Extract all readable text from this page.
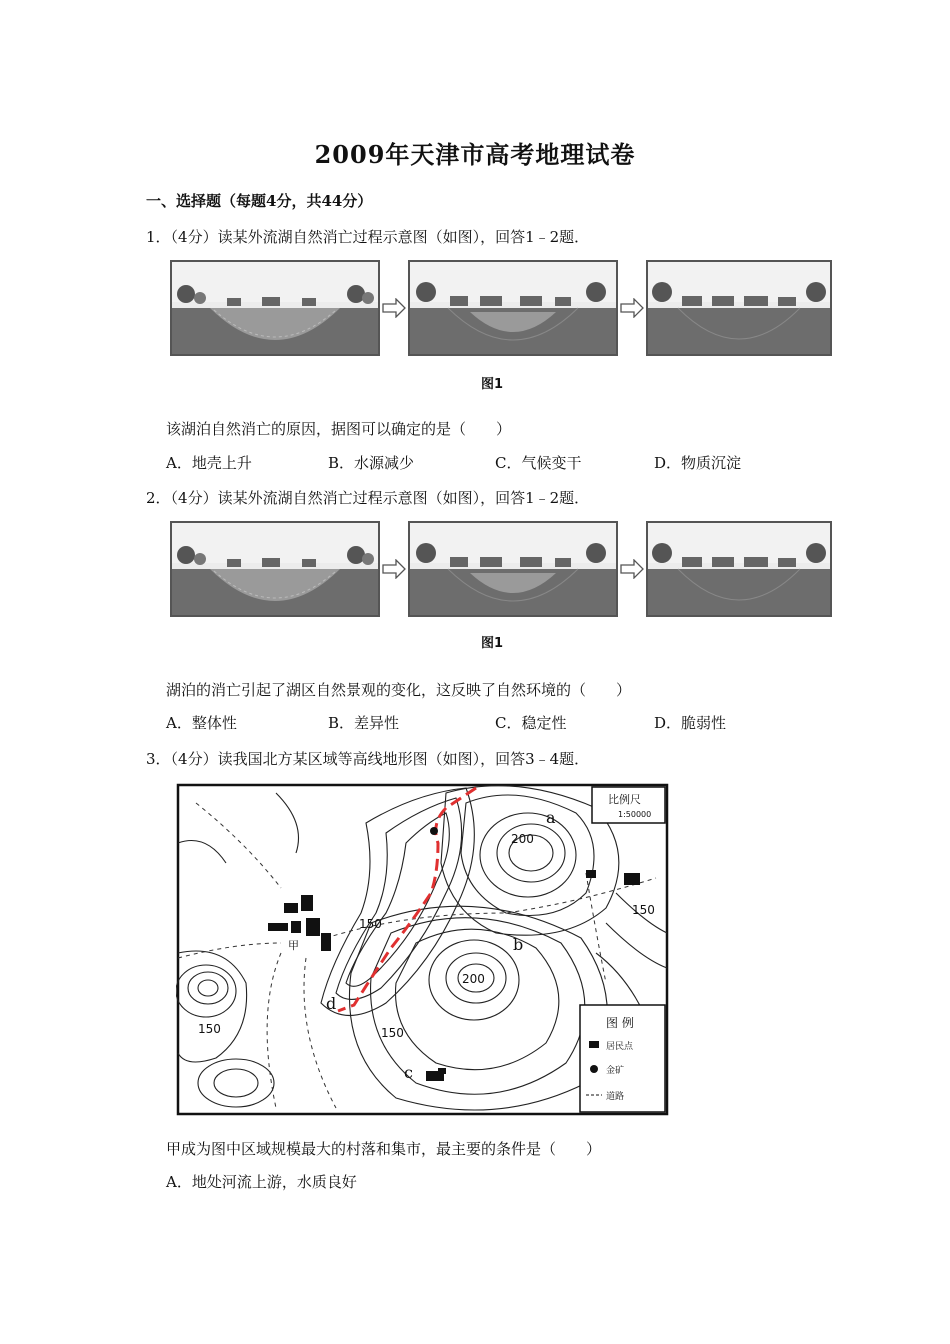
2009年天津市高考地理试卷
一、选择题（每题4分，共44分）
1．（4分）读某外流湖自然消亡过程示意图（如图），回答1﹣2题．
图1
该湖泊自然消亡的原因，据图可以确定的是（　　）
A．地壳上升	B．水源减少	C．气候变干	D．物质沉淀
2．（4分）读某外流湖自然消亡过程示意图（如图），回答1﹣2题．
图1
湖泊的消亡引起了湖区自然景观的变化，这反映了自然环境的（　　）
A．整体性	B．差异性	C．稳定性	D．脆弱性
3．（4分）读我国北方某区域等高线地形图（如图），回答3﹣4题．
200
150
150
200
150
150
a
b
c
d
甲
比例尺
1:50000
图 例
居民点
金矿
道路
甲成为图中区域规模最大的村落和集市，最主要的条件是（　　）
A．地处河流上游，水质良好
